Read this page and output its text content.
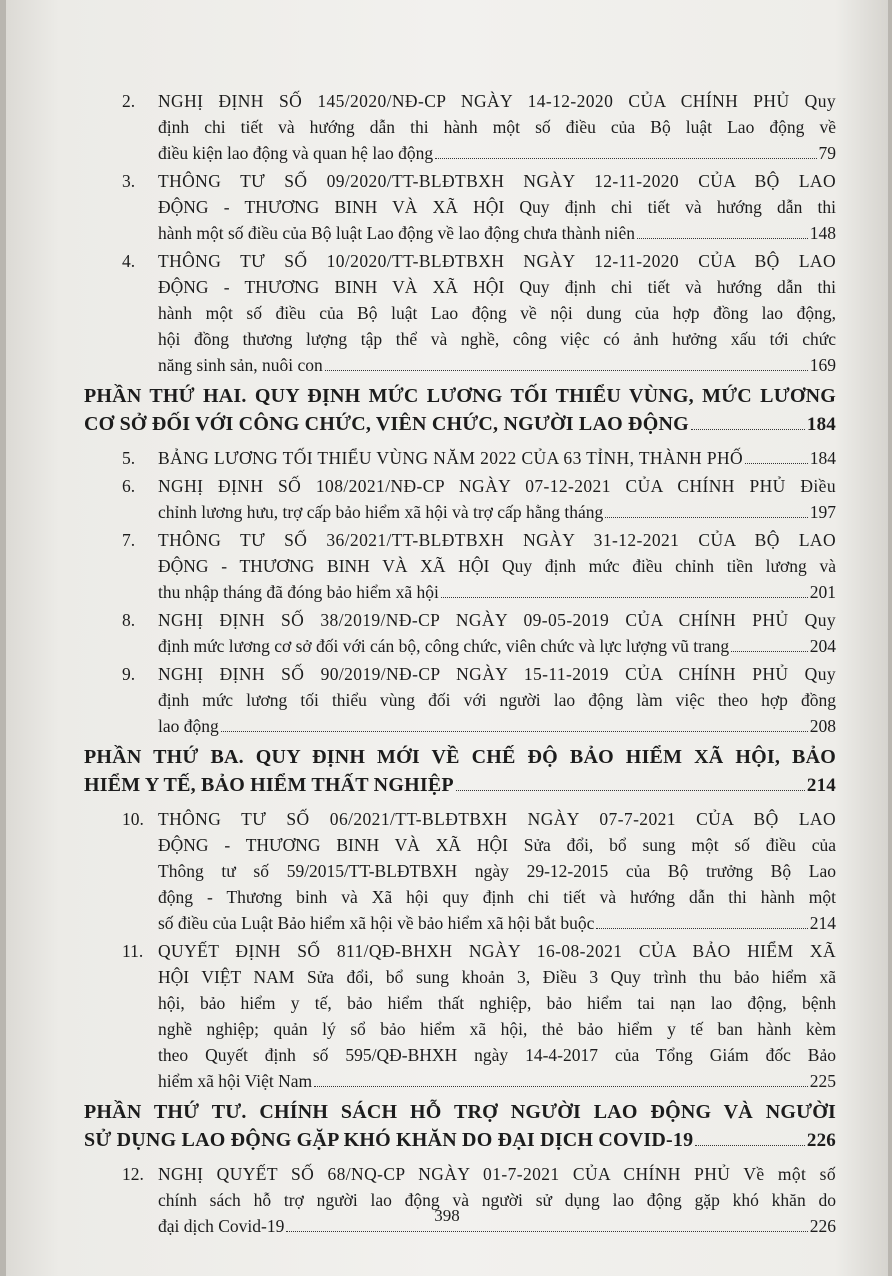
2. NGHỊ ĐỊNH SỐ 145/2020/NĐ-CP NGÀY 14-12-2020 CỦA CHÍNH PHỦ Quy
định chi tiết và hướng dẫn thi hành một số điều của Bộ luật Lao động về
điều kiện lao động và quan hệ lao động	79
3. THÔNG TƯ SỐ 09/2020/TT-BLĐTBXH NGÀY 12-11-2020 CỦA BỘ LAO
ĐỘNG - THƯƠNG BINH VÀ XÃ HỘI Quy định chi tiết và hướng dẫn thi
hành một số điều của Bộ luật Lao động về lao động chưa thành niên	148
4. THÔNG TƯ SỐ 10/2020/TT-BLĐTBXH NGÀY 12-11-2020 CỦA BỘ LAO
ĐỘNG - THƯƠNG BINH VÀ XÃ HỘI Quy định chi tiết và hướng dẫn thi
hành một số điều của Bộ luật Lao động về nội dung của hợp đồng lao động,
hội đồng thương lượng tập thể và nghề, công việc có ảnh hưởng xấu tới chức
năng sinh sản, nuôi con	169
PHẦN THỨ HAI. QUY ĐỊNH MỨC LƯƠNG TỐI THIỂU VÙNG, MỨC LƯƠNG
CƠ SỞ ĐỐI VỚI CÔNG CHỨC, VIÊN CHỨC, NGƯỜI LAO ĐỘNG	184
5. BẢNG LƯƠNG TỐI THIỂU VÙNG NĂM 2022 CỦA 63 TỈNH, THÀNH PHỐ	184
6. NGHỊ ĐỊNH SỐ 108/2021/NĐ-CP NGÀY 07-12-2021 CỦA CHÍNH PHỦ Điều
chỉnh lương hưu, trợ cấp bảo hiểm xã hội và trợ cấp hằng tháng	197
7. THÔNG TƯ SỐ 36/2021/TT-BLĐTBXH NGÀY 31-12-2021 CỦA BỘ LAO
ĐỘNG - THƯƠNG BINH VÀ XÃ HỘI Quy định mức điều chỉnh tiền lương và
thu nhập tháng đã đóng bảo hiểm xã hội	201
8. NGHỊ ĐỊNH SỐ 38/2019/NĐ-CP NGÀY 09-05-2019 CỦA CHÍNH PHỦ Quy
định mức lương cơ sở đối với cán bộ, công chức, viên chức và lực lượng vũ trang	204
9. NGHỊ ĐỊNH SỐ 90/2019/NĐ-CP NGÀY 15-11-2019 CỦA CHÍNH PHỦ Quy
định mức lương tối thiểu vùng đối với người lao động làm việc theo hợp đồng
lao động	208
PHẦN THỨ BA. QUY ĐỊNH MỚI VỀ CHẾ ĐỘ BẢO HIỂM XÃ HỘI, BẢO
HIỂM Y TẾ, BẢO HIỂM THẤT NGHIỆP	214
10. THÔNG TƯ SỐ 06/2021/TT-BLĐTBXH NGÀY 07-7-2021 CỦA BỘ LAO
ĐỘNG - THƯƠNG BINH VÀ XÃ HỘI Sửa đổi, bổ sung một số điều của
Thông tư số 59/2015/TT-BLĐTBXH ngày 29-12-2015 của Bộ trưởng Bộ Lao
động - Thương binh và Xã hội quy định chi tiết và hướng dẫn thi hành một
số điều của Luật Bảo hiểm xã hội về bảo hiểm xã hội bắt buộc	214
11. QUYẾT ĐỊNH SỐ 811/QĐ-BHXH NGÀY 16-08-2021 CỦA BẢO HIỂM XÃ
HỘI VIỆT NAM Sửa đổi, bổ sung khoản 3, Điều 3 Quy trình thu bảo hiểm xã
hội, bảo hiểm y tế, bảo hiểm thất nghiệp, bảo hiểm tai nạn lao động, bệnh
nghề nghiệp; quản lý sổ bảo hiểm xã hội, thẻ bảo hiểm y tế ban hành kèm
theo Quyết định số 595/QĐ-BHXH ngày 14-4-2017 của Tổng Giám đốc Bảo
hiểm xã hội Việt Nam	225
PHẦN THỨ TƯ. CHÍNH SÁCH HỖ TRỢ NGƯỜI LAO ĐỘNG VÀ NGƯỜI
SỬ DỤNG LAO ĐỘNG GẶP KHÓ KHĂN DO ĐẠI DỊCH COVID-19	226
12. NGHỊ QUYẾT SỐ 68/NQ-CP NGÀY 01-7-2021 CỦA CHÍNH PHỦ Về một số
chính sách hỗ trợ người lao động và người sử dụng lao động gặp khó khăn do
đại dịch Covid-19	226
398
